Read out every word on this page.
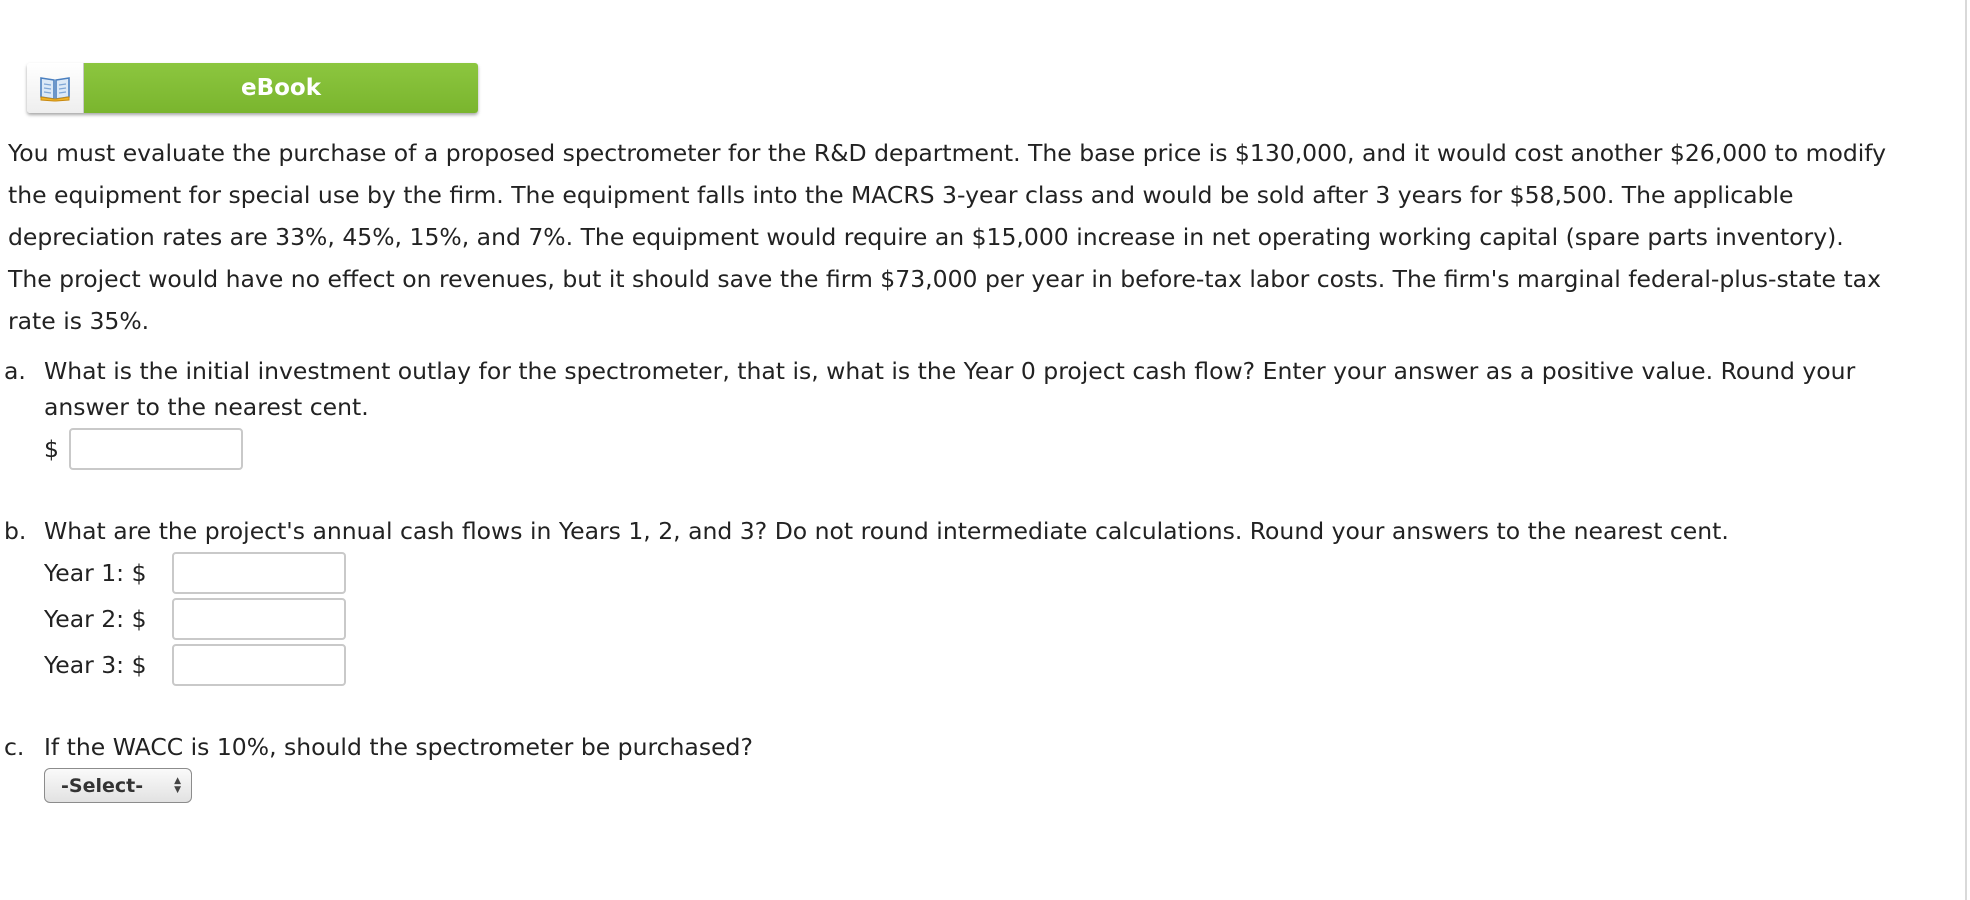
eBook
You must evaluate the purchase of a proposed spectrometer for the R&D department. The base price is $130,000, and it would cost another $26,000 to modify
the equipment for special use by the firm. The equipment falls into the MACRS 3-year class and would be sold after 3 years for $58,500. The applicable
depreciation rates are 33%, 45%, 15%, and 7%. The equipment would require an $15,000 increase in net operating working capital (spare parts inventory).
The project would have no effect on revenues, but it should save the firm $73,000 per year in before-tax labor costs. The firm's marginal federal-plus-state tax
rate is 35%.
a. What is the initial investment outlay for the spectrometer, that is, what is the Year 0 project cash flow? Enter your answer as a positive value. Round your
answer to the nearest cent.
$
b. What are the project's annual cash flows in Years 1, 2, and 3? Do not round intermediate calculations. Round your answers to the nearest cent.
Year 1: $
Year 2: $
Year 3: $
c. If the WACC is 10%, should the spectrometer be purchased?
-Select-	▲
▼
